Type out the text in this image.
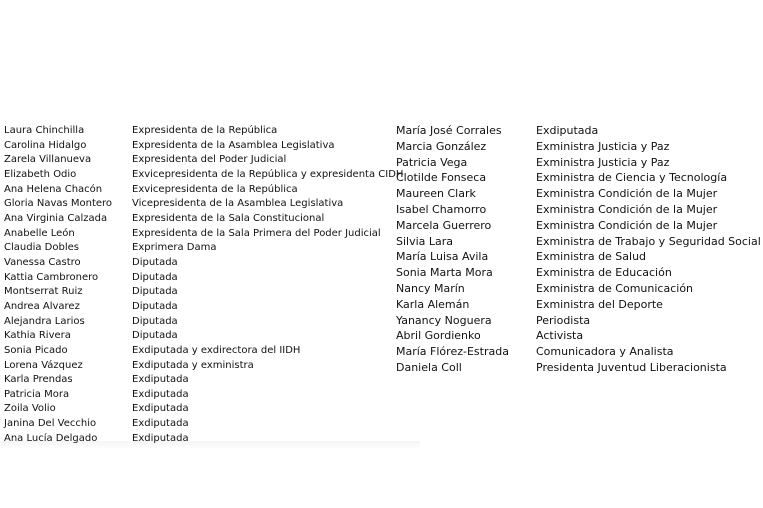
Laura Chinchilla	Expresidenta de la República
Carolina Hidalgo	Expresidenta de la Asamblea Legislativa
Zarela Villanueva	Expresidenta del Poder Judicial
Elizabeth Odio	Exvicepresidenta de la República y expresidenta CIDH
Ana Helena Chacón	Exvicepresidenta de la República
Gloria Navas Montero	Vicepresidenta de la Asamblea Legislativa
Ana Virginia Calzada	Expresidenta de la Sala Constitucional
Anabelle León	Expresidenta de la Sala Primera del Poder Judicial
Claudia Dobles	Exprimera Dama
Vanessa Castro	Diputada
Kattia Cambronero	Diputada
Montserrat Ruiz	Diputada
Andrea Alvarez	Diputada
Alejandra Larios	Diputada
Kathia Rivera	Diputada
Sonia Picado	Exdiputada y exdirectora del IIDH
Lorena Vázquez	Exdiputada y exministra
Karla Prendas	Exdiputada
Patricia Mora	Exdiputada
Zoila Volio	Exdiputada
Janina Del Vecchio	Exdiputada
Ana Lucía Delgado	Exdiputada
María José Corrales	Exdiputada
Marcia González	Exministra Justicia y Paz
Patricia Vega	Exministra Justicia y Paz
Clotilde Fonseca	Exministra de Ciencia y Tecnología
Maureen Clark	Exministra Condición de la Mujer
Isabel Chamorro	Exministra Condición de la Mujer
Marcela Guerrero	Exministra Condición de la Mujer
Silvia Lara	Exministra de Trabajo y Seguridad Social
María Luisa Avila	Exministra de Salud
Sonia Marta Mora	Exministra de Educación
Nancy Marín	Exministra de Comunicación
Karla Alemán	Exministra del Deporte
Yanancy Noguera	Periodista
Abril Gordienko	Activista
María Flórez-Estrada	Comunicadora y Analista
Daniela Coll	Presidenta Juventud Liberacionista
